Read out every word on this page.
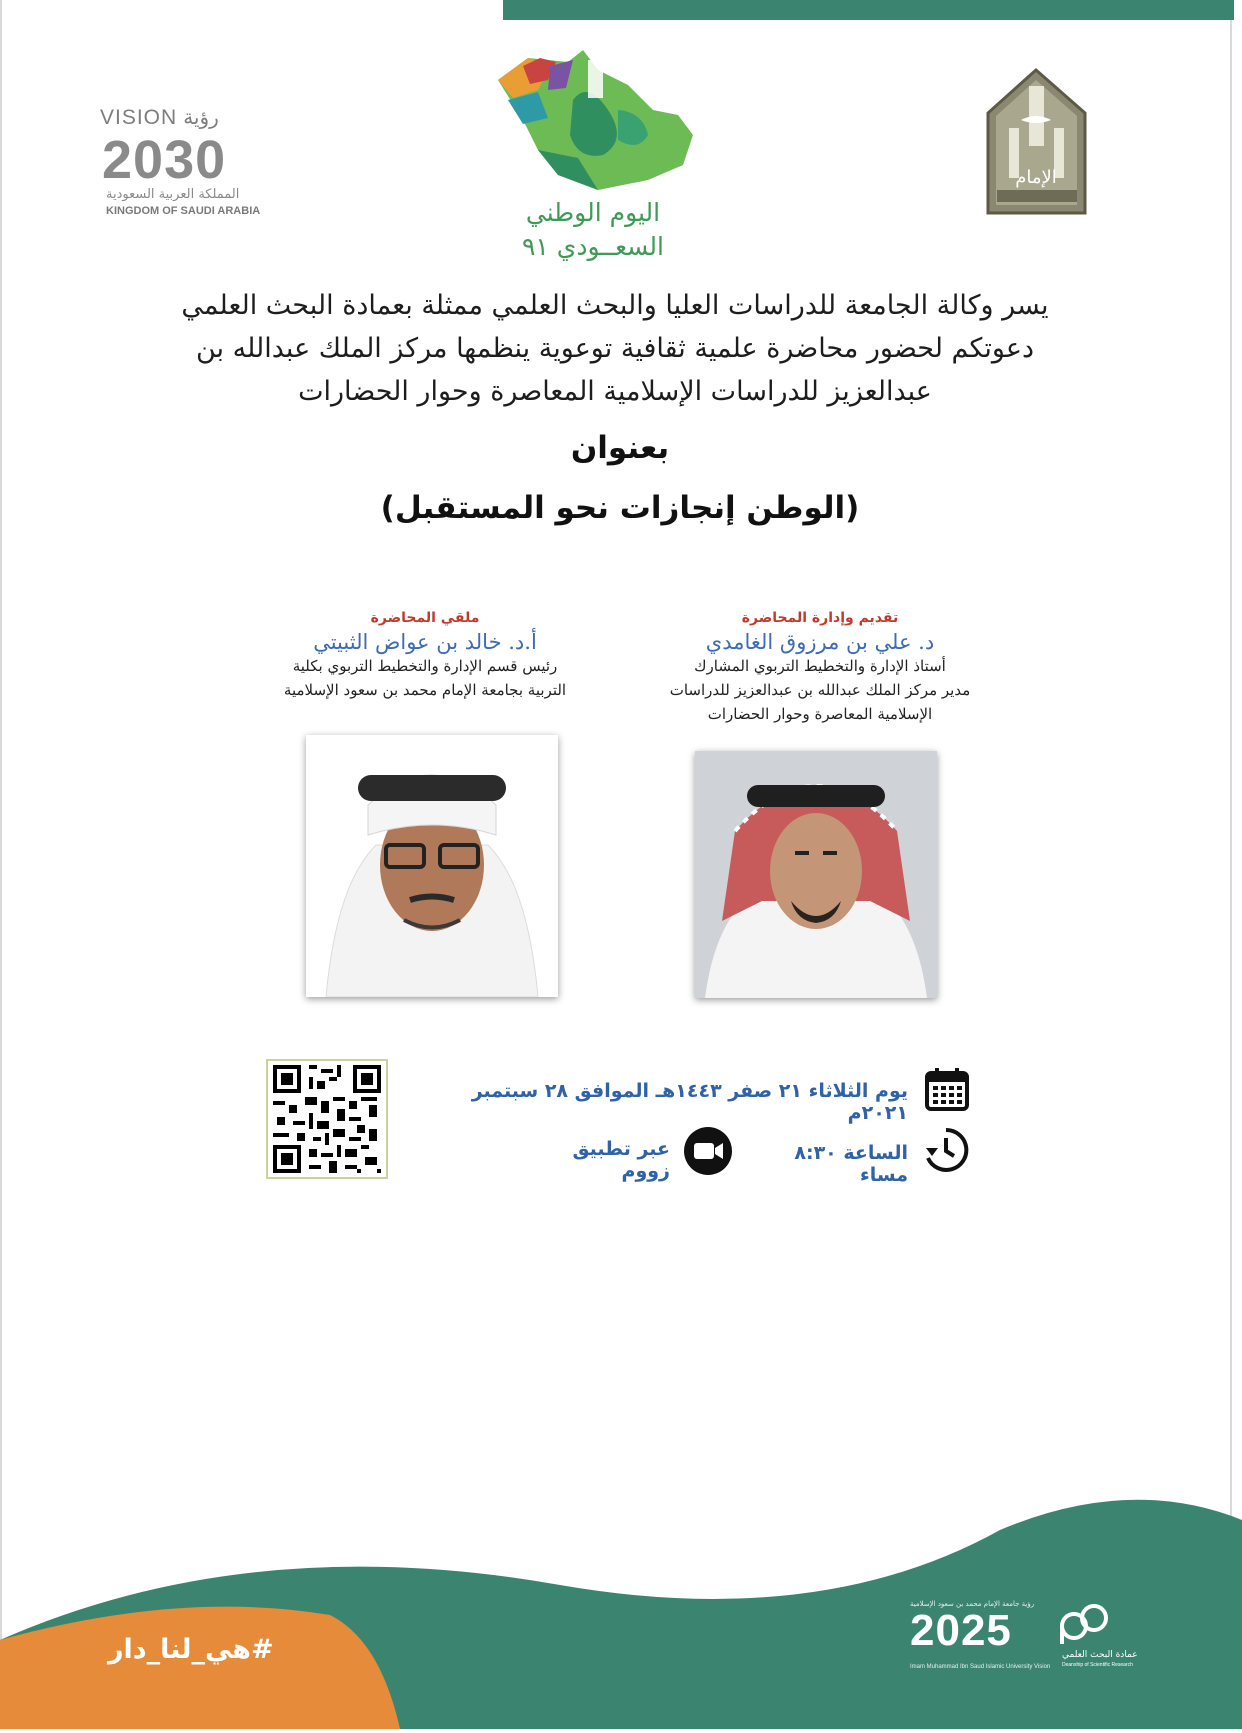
VISION رؤية
2030
المملكة العربية السعودية
KINGDOM OF SAUDI ARABIA	اليوم الوطني
السعــودي ٩١
الإمام

يسر وكالة الجامعة للدراسات العليا والبحث العلمي ممثلة بعمادة البحث العلمي

دعوتكم لحضور محاضرة علمية ثقافية توعوية ينظمها مركز الملك عبدالله بن

عبدالعزيز للدراسات الإسلامية المعاصرة وحوار الحضارات

بعنوان
(الوطن إنجازات نحو المستقبل)
ملقي المحاضرة
أ.د. خالد بن عواض الثبيتي
رئيس قسم الإدارة والتخطيط التربوي بكلية
التربية بجامعة الإمام محمد بن سعود الإسلامية
تقديم وإدارة المحاضرة
د. علي بن مرزوق الغامدي
أستاذ الإدارة والتخطيط التربوي المشارك
مدير مركز الملك عبدالله بن عبدالعزيز للدراسات
الإسلامية المعاصرة وحوار الحضارات
يوم الثلاثاء ٢١ صفر ١٤٤٣هـ الموافق ٢٨ سبتمبر ٢٠٢١م
الساعة ٨:٣٠ مساء
عبر تطبيق زووم
#هي_لنا_دار
رؤية جامعة الإمام محمد بن سعود الإسلامية
2025
Imam Muhammad Ibn Saud Islamic University Vision
عمادة البحث العلمي
Deanship of Scientific Research
